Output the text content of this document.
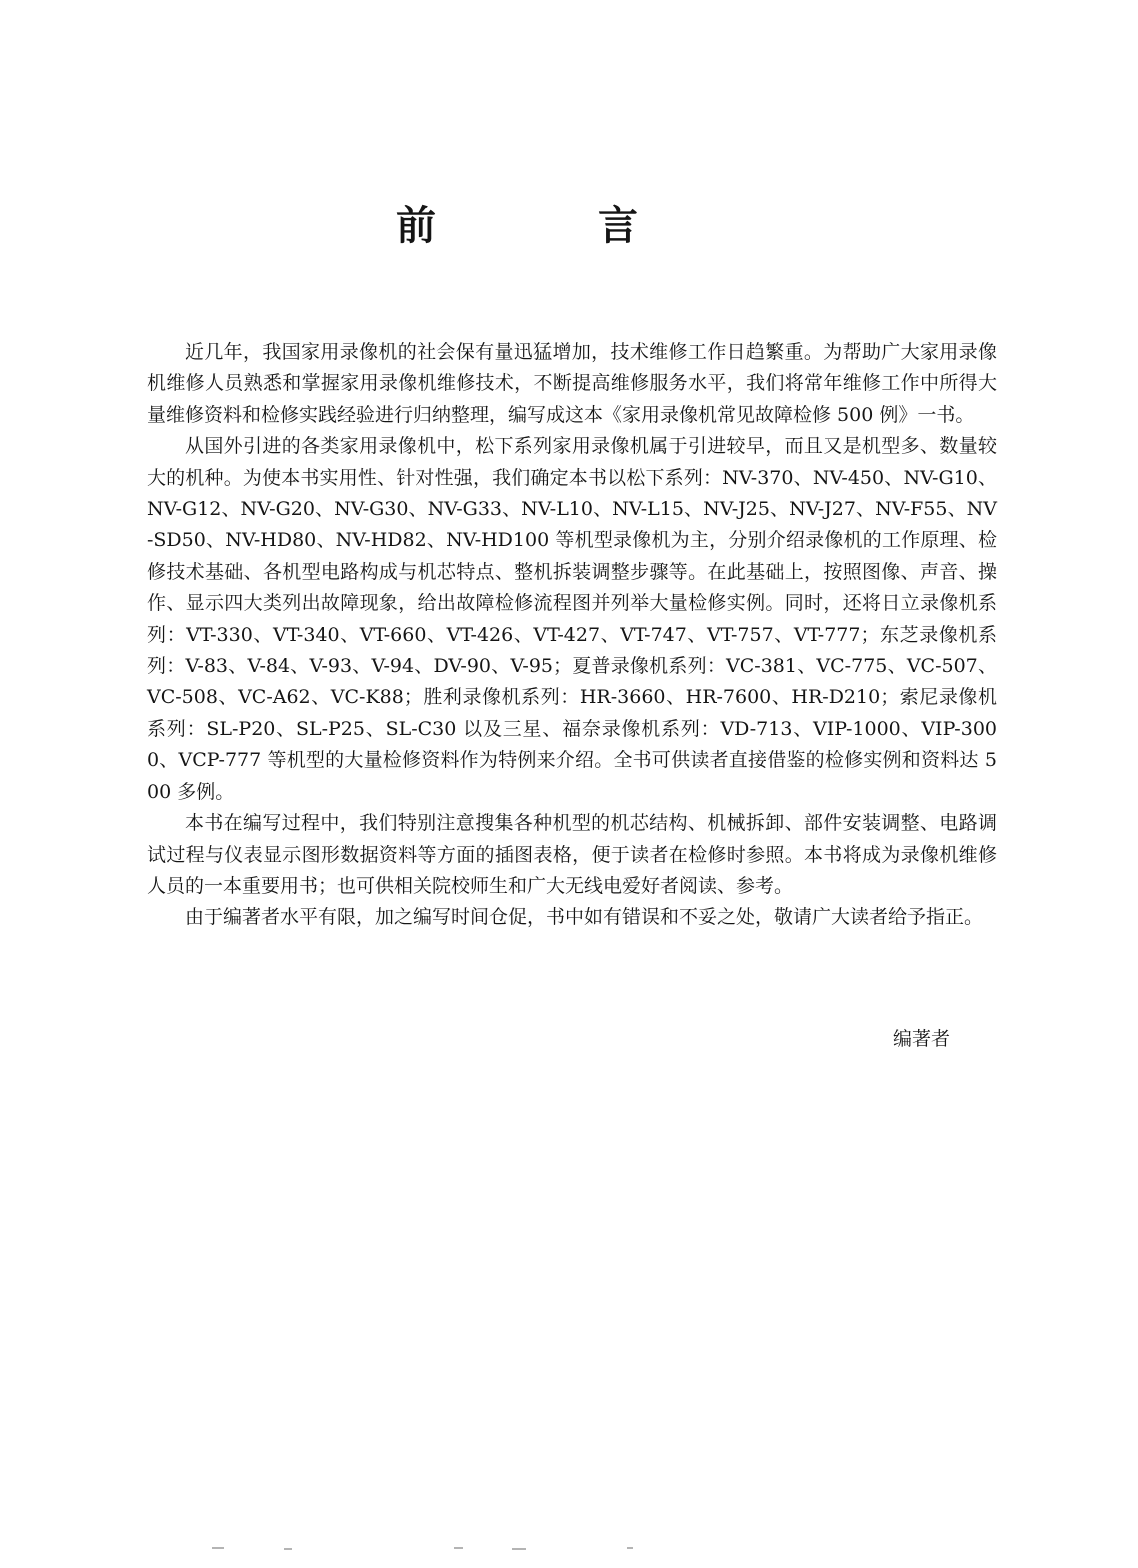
前 言

近几年，我国家用录像机的社会保有量迅猛增加，技术维修工作日趋繁重。为帮助广大家用录像机维修人员熟悉和掌握家用录像机维修技术，不断提高维修服务水平，我们将常年维修工作中所得大量维修资料和检修实践经验进行归纳整理，编写成这本《家用录像机常见故障检修 500 例》一书。

从国外引进的各类家用录像机中，松下系列家用录像机属于引进较早，而且又是机型多、数量较大的机种。为使本书实用性、针对性强，我们确定本书以松下系列：NV-370、NV-450、NV-G10、NV-G12、NV-G20、NV-G30、NV-G33、NV-L10、NV-L15、NV-J25、NV-J27、NV-F55、NV-SD50、NV-HD80、NV-HD82、NV-HD100 等机型录像机为主，分别介绍录像机的工作原理、检修技术基础、各机型电路构成与机芯特点、整机拆装调整步骤等。在此基础上，按照图像、声音、操作、显示四大类列出故障现象，给出故障检修流程图并列举大量检修实例。同时，还将日立录像机系列：VT-330、VT-340、VT-660、VT-426、VT-427、VT-747、VT-757、VT-777；东芝录像机系列：V-83、V-84、V-93、V-94、DV-90、V-95；夏普录像机系列：VC-381、VC-775、VC-507、VC-508、VC-A62、VC-K88；胜利录像机系列：HR-3660、HR-7600、HR-D210；索尼录像机系列：SL-P20、SL-P25、SL-C30 以及三星、福奈录像机系列：VD-713、VIP-1000、VIP-3000、VCP-777 等机型的大量检修资料作为特例来介绍。全书可供读者直接借鉴的检修实例和资料达 500 多例。

本书在编写过程中，我们特别注意搜集各种机型的机芯结构、机械拆卸、部件安装调整、电路调试过程与仪表显示图形数据资料等方面的插图表格，便于读者在检修时参照。本书将成为录像机维修人员的一本重要用书；也可供相关院校师生和广大无线电爱好者阅读、参考。

由于编著者水平有限，加之编写时间仓促，书中如有错误和不妥之处，敬请广大读者给予指正。

编著者
